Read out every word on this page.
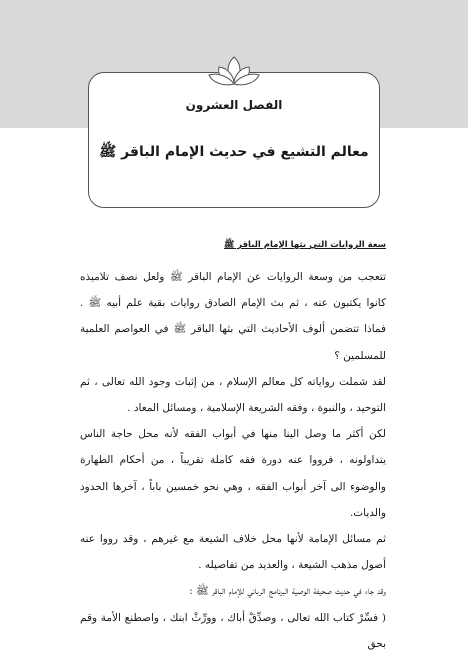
الفصل العشرون
معالم التشيع في حديث الإمام الباقر ﷺ
سعة الروايات التي بثها الإمام الباقر ﷺ

تتعجب من وسعة الروايات عن الإمام الباقر ﷺ ولعل نصف تلاميذه كانوا يكتبون عنه ، ثم بث الإمام الصادق روايات بقية علم أبيه ﷺ . فماذا تتضمن ألوف الأحاديث التي بثها الباقر ﷺ في العواصم العلمية للمسلمين ؟

لقد شملت رواياته كل معالم الإسلام ، من إثبات وجود الله تعالى ، ثم التوحيد ، والنبوة ، وفقه الشريعة الإسلامية ، ومسائل المعاد .

لكن أكثر ما وصل الينا منها في أبواب الفقه لأنه محل حاجة الناس يتداولونه ، فرووا عنه دورة فقه كاملة تقريباً ، من أحكام الطهارة والوضوء الى آخر أبواب الفقه ، وهي نحو خمسين باباً ، آخرها الحدود والديات.

ثم مسائل الإمامة لأنها محل خلاف الشيعة مع غيرهم ، وقد رووا عنه أصول مذهب الشيعة ، والعديد من تفاصيله .

وقد جاء في حديث صحيفة الوصية البرنامج الرباني للإمام الباقر ﷺ :

( فسِّرْ كتاب الله تعالى ، وصدِّقْ أباك ، وورِّثْ ابنك ، واصطنع الأمة وقم بحق
